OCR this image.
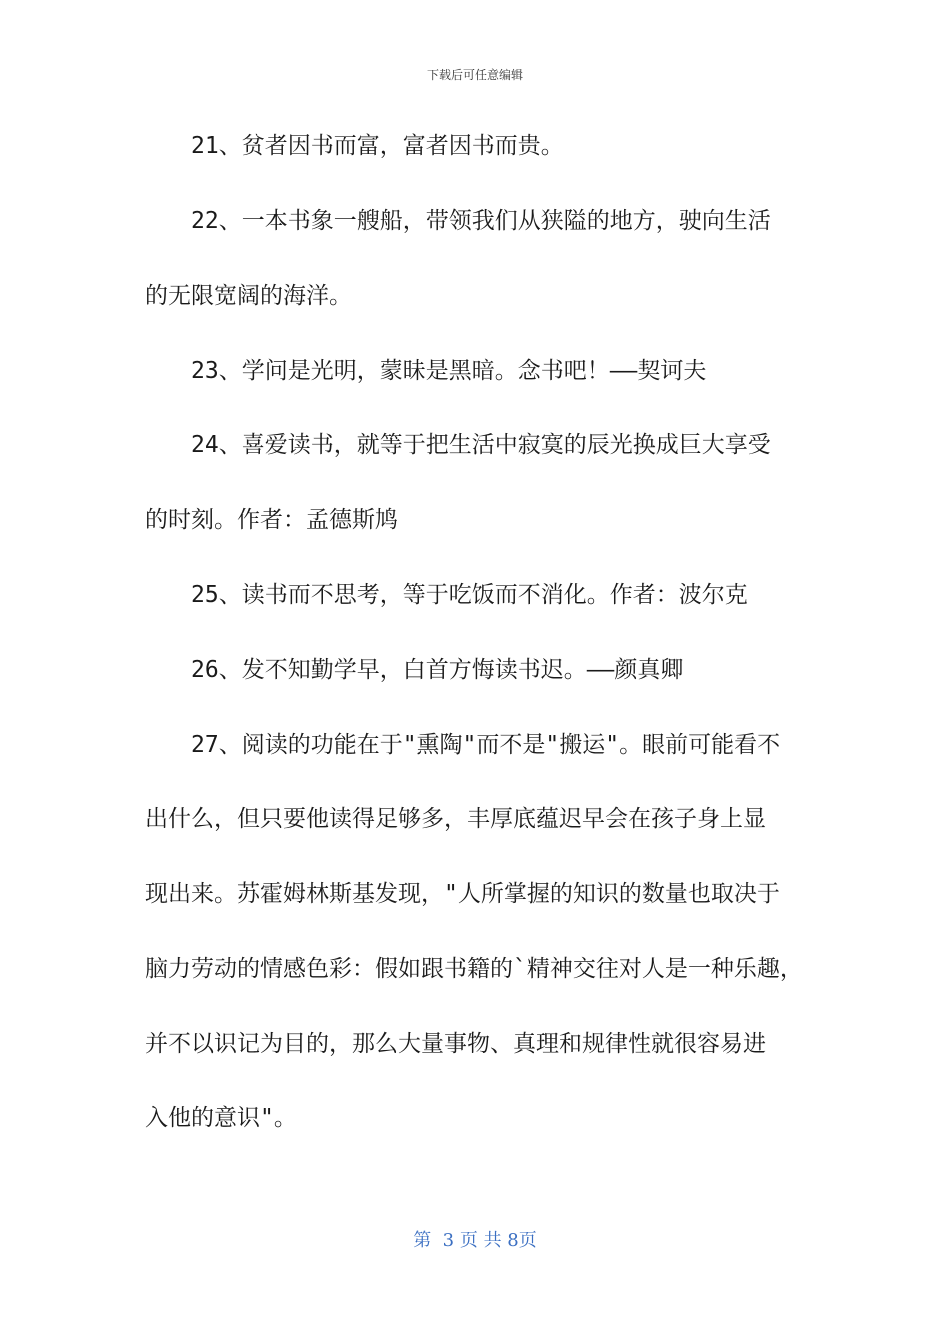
下载后可任意编辑
21、贫者因书而富，富者因书而贵。
22、一本书象一艘船，带领我们从狭隘的地方，驶向生活
的无限宽阔的海洋。
23、学问是光明，蒙昧是黑暗。念书吧！——契诃夫
24、喜爱读书，就等于把生活中寂寞的辰光换成巨大享受
的时刻。作者：孟德斯鸠
25、读书而不思考，等于吃饭而不消化。作者：波尔克
26、发不知勤学早，白首方悔读书迟。——颜真卿
27、阅读的功能在于"熏陶"而不是"搬运"。眼前可能看不
出什么，但只要他读得足够多，丰厚底蕴迟早会在孩子身上显
现出来。苏霍姆林斯基发现，"人所掌握的知识的数量也取决于
脑力劳动的情感色彩：假如跟书籍的`精神交往对人是一种乐趣，
并不以识记为目的，那么大量事物、真理和规律性就很容易进
入他的意识"。
第  3 页 共 8页
